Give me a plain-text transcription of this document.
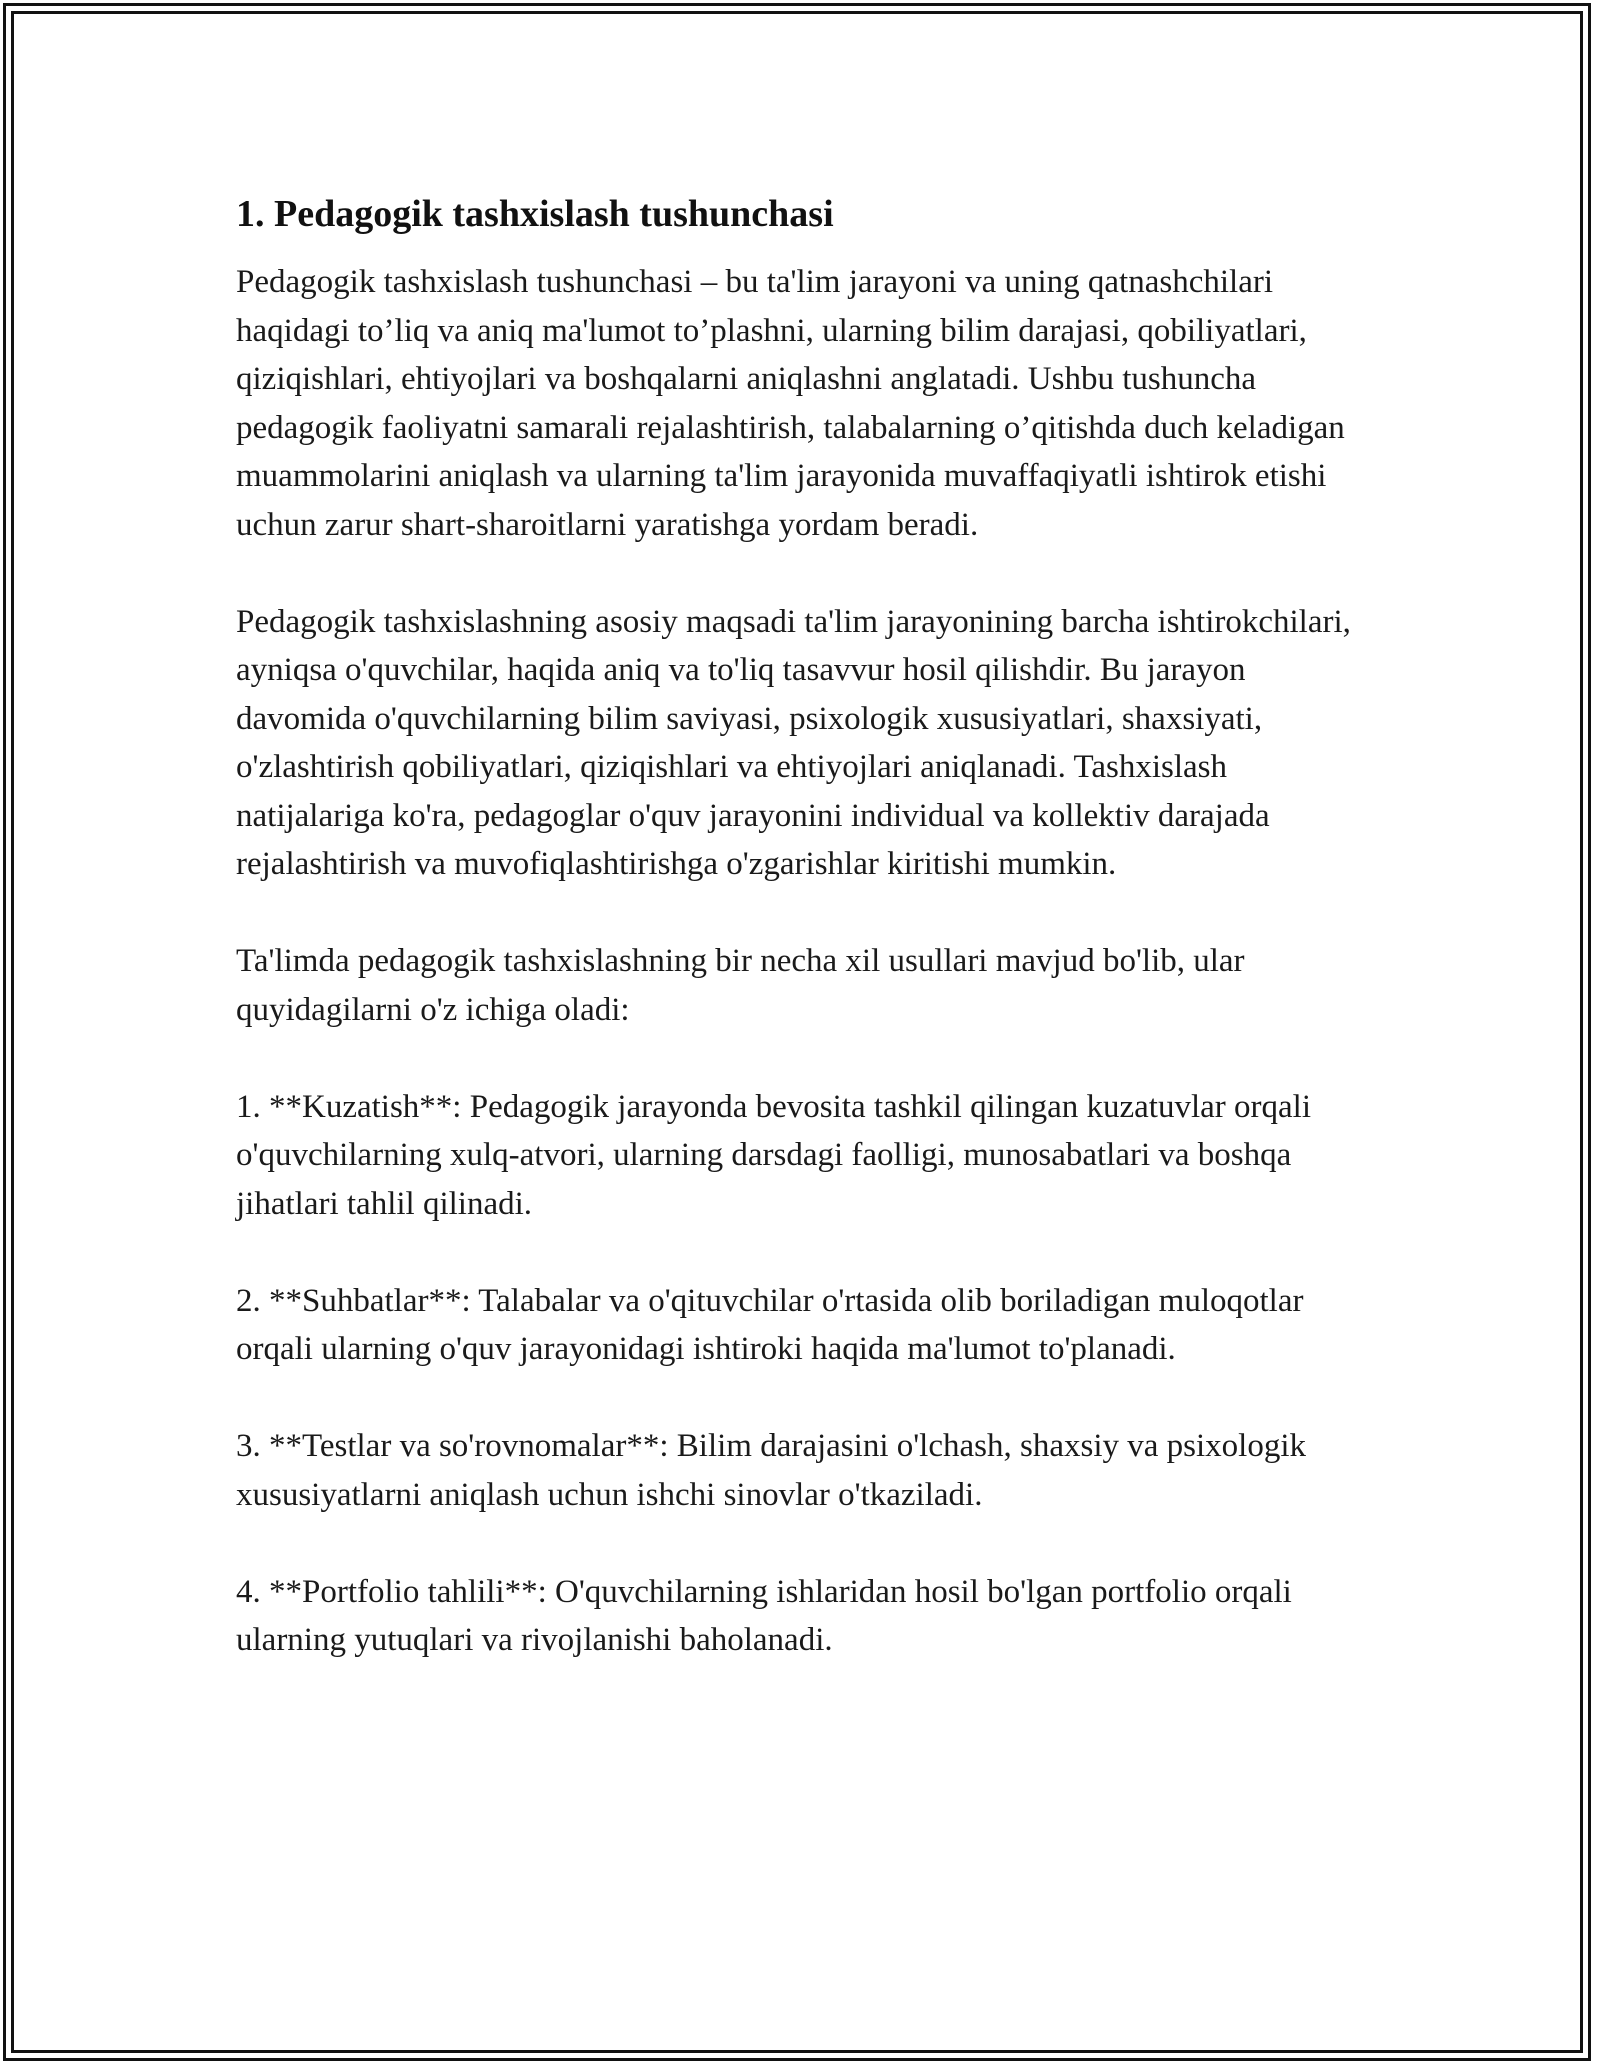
1. Pedagogik tashxislash tushunchasi

Pedagogik tashxislash tushunchasi – bu ta'lim jarayoni va uning qatnashchilari haqidagi to’liq va aniq ma'lumot to’plashni, ularning bilim darajasi, qobiliyatlari, qiziqishlari, ehtiyojlari va boshqalarni aniqlashni anglatadi. Ushbu tushuncha pedagogik faoliyatni samarali rejalashtirish, talabalarning o’qitishda duch keladigan muammolarini aniqlash va ularning ta'lim jarayonida muvaffaqiyatli ishtirok etishi uchun zarur shart-sharoitlarni yaratishga yordam beradi.

Pedagogik tashxislashning asosiy maqsadi ta'lim jarayonining barcha ishtirokchilari, ayniqsa o'quvchilar, haqida aniq va to'liq tasavvur hosil qilishdir. Bu jarayon davomida o'quvchilarning bilim saviyasi, psixologik xususiyatlari, shaxsiyati, o'zlashtirish qobiliyatlari, qiziqishlari va ehtiyojlari aniqlanadi. Tashxislash natijalariga ko'ra, pedagoglar o'quv jarayonini individual va kollektiv darajada rejalashtirish va muvofiqlashtirishga o'zgarishlar kiritishi mumkin.

Ta'limda pedagogik tashxislashning bir necha xil usullari mavjud bo'lib, ular quyidagilarni o'z ichiga oladi:

1. **Kuzatish**: Pedagogik jarayonda bevosita tashkil qilingan kuzatuvlar orqali o'quvchilarning xulq-atvori, ularning darsdagi faolligi, munosabatlari va boshqa jihatlari tahlil qilinadi.

2. **Suhbatlar**: Talabalar va o'qituvchilar o'rtasida olib boriladigan muloqotlar orqali ularning o'quv jarayonidagi ishtiroki haqida ma'lumot to'planadi.

3. **Testlar va so'rovnomalar**: Bilim darajasini o'lchash, shaxsiy va psixologik xususiyatlarni aniqlash uchun ishchi sinovlar o'tkaziladi.

4. **Portfolio tahlili**: O'quvchilarning ishlaridan hosil bo'lgan portfolio orqali ularning yutuqlari va rivojlanishi baholanadi.
